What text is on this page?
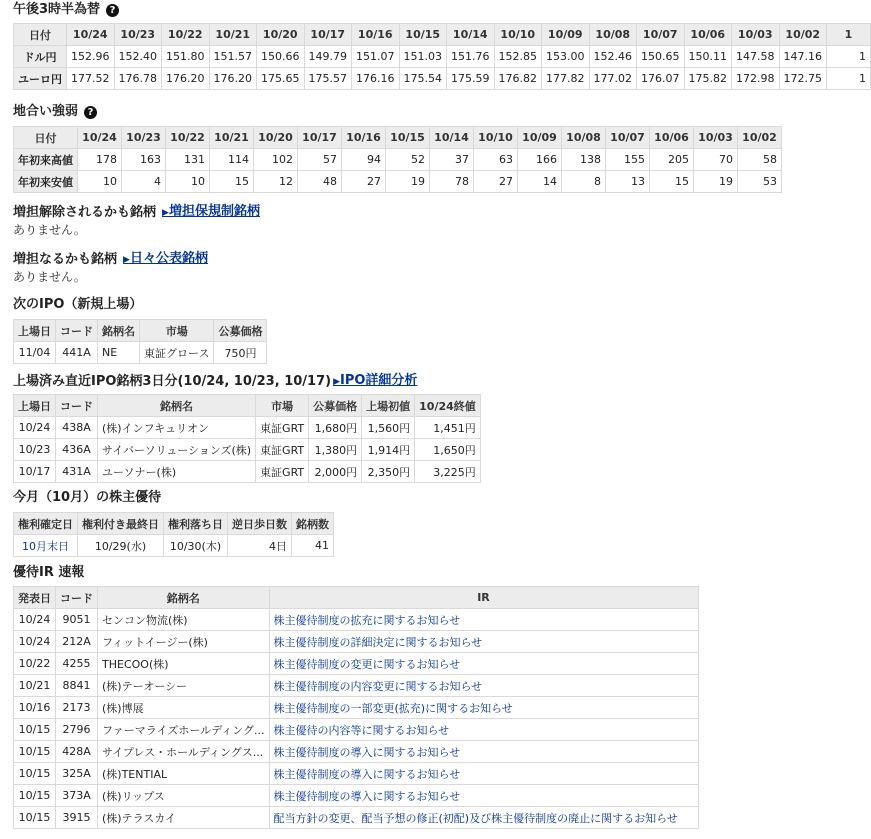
午後3時半為替 ?
日付	10/24	10/23	10/22	10/21	10/20	10/17	10/16	10/15	10/14	10/10	10/09	10/08	10/07	10/06	10/03	10/02	1
ドル円	152.96	152.40	151.80	151.57	150.66	149.79	151.07	151.03	151.76	152.85	153.00	152.46	150.65	150.11	147.58	147.16	1
ユーロ円	177.52	176.78	176.20	176.20	175.65	175.57	176.16	175.54	175.59	176.82	177.82	177.02	176.07	175.82	172.98	172.75	1
地合い強弱 ?
日付	10/24	10/23	10/22	10/21	10/20	10/17	10/16	10/15	10/14	10/10	10/09	10/08	10/07	10/06	10/03	10/02
年初来高値	178	163	131	114	102	57	94	52	37	63	166	138	155	205	70	58
年初来安値	10	4	10	15	12	48	27	19	78	27	14	8	13	15	19	53
増担解除されるかも銘柄 ▶増担保規制銘柄

ありません。

増担なるかも銘柄 ▶日々公表銘柄

ありません。

次のIPO（新規上場）
上場日	コード	銘柄名	市場	公募価格
11/04	441A	NE	東証グロース	750円
上場済み直近IPO銘柄3日分(10/24, 10/23, 10/17) ▶IPO詳細分析
上場日	コード	銘柄名	市場	公募価格	上場初値	10/24終値
10/24	438A	(株)インフキュリオン	東証GRT	1,680円	1,560円	1,451円
10/23	436A	サイバーソリューションズ(株)	東証GRT	1,380円	1,914円	1,650円
10/17	431A	ユーソナー(株)	東証GRT	2,000円	2,350円	3,225円
今月（10月）の株主優待
権利確定日	権利付き最終日	権利落ち日	逆日歩日数	銘柄数
10月末日	10/29(水)	10/30(木)	4日	41
優待IR 速報
発表日	コード	銘柄名	IR
10/24	9051	センコン物流(株)	株主優待制度の拡充に関するお知らせ
10/24	212A	フィットイージー(株)	株主優待制度の詳細決定に関するお知らせ
10/22	4255	THECOO(株)	株主優待制度の変更に関するお知らせ
10/21	8841	(株)テーオーシー	株主優待制度の内容変更に関するお知らせ
10/16	2173	(株)博展	株主優待制度の一部変更(拡充)に関するお知らせ
10/15	2796	ファーマライズホールディング...	株主優待の内容等に関するお知らせ
10/15	428A	サイプレス・ホールディングス...	株主優待制度の導入に関するお知らせ
10/15	325A	(株)TENTIAL	株主優待制度の導入に関するお知らせ
10/15	373A	(株)リップス	株主優待制度の導入に関するお知らせ
10/15	3915	(株)テラスカイ	配当方針の変更、配当予想の修正(初配)及び株主優待制度の廃止に関するお知らせ
